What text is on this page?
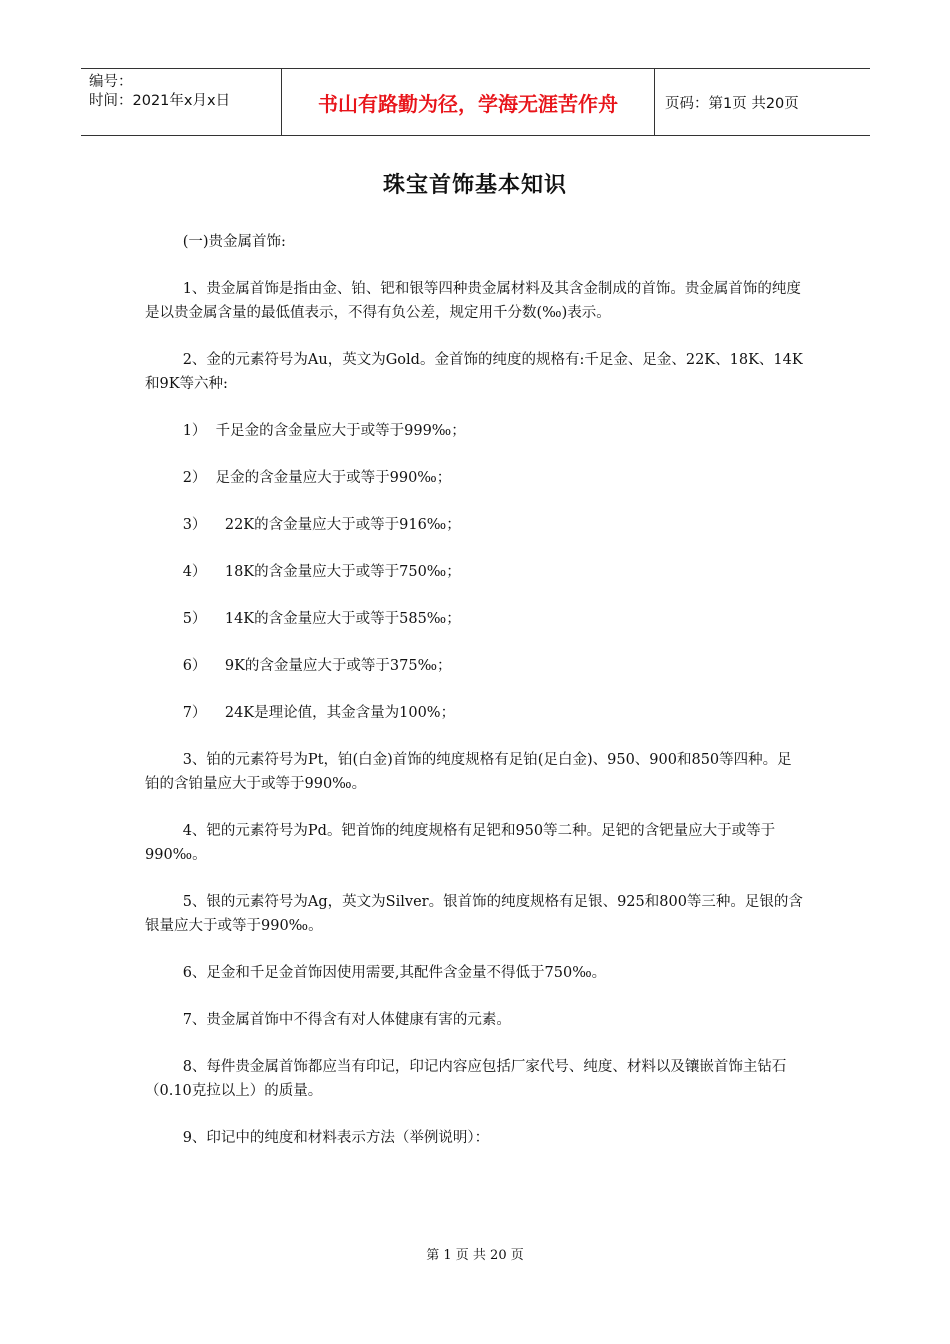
编号：
时间：2021年x月x日	书山有路勤为径，学海无涯苦作舟	页码：第1页 共20页
珠宝首饰基本知识

(一)贵金属首饰:

1、贵金属首饰是指由金、铂、钯和银等四种贵金属材料及其含金制成的首饰。贵金属首饰的纯度是以贵金属含量的最低值表示，不得有负公差，规定用千分数(‰)表示。

2、金的元素符号为Au，英文为Gold。金首饰的纯度的规格有:千足金、足金、22K、18K、14K和9K等六种:

1）  千足金的含金量应大于或等于999‰；

2）  足金的含金量应大于或等于990‰；

3）    22K的含金量应大于或等于916‰；

4）    18K的含金量应大于或等于750‰；

5）    14K的含金量应大于或等于585‰；

6）    9K的含金量应大于或等于375‰；

7）    24K是理论值，其金含量为100%；

3、铂的元素符号为Pt，铂(白金)首饰的纯度规格有足铂(足白金)、950、900和850等四种。足铂的含铂量应大于或等于990‰。

4、钯的元素符号为Pd。钯首饰的纯度规格有足钯和950等二种。足钯的含钯量应大于或等于990‰。

5、银的元素符号为Ag，英文为Silver。银首饰的纯度规格有足银、925和800等三种。足银的含银量应大于或等于990‰。

6、足金和千足金首饰因使用需要,其配件含金量不得低于750‰。

7、贵金属首饰中不得含有对人体健康有害的元素。

8、每件贵金属首饰都应当有印记，印记内容应包括厂家代号、纯度、材料以及镶嵌首饰主钻石（0.10克拉以上）的质量。

9、印记中的纯度和材料表示方法（举例说明）：

第 1 页 共 20 页
